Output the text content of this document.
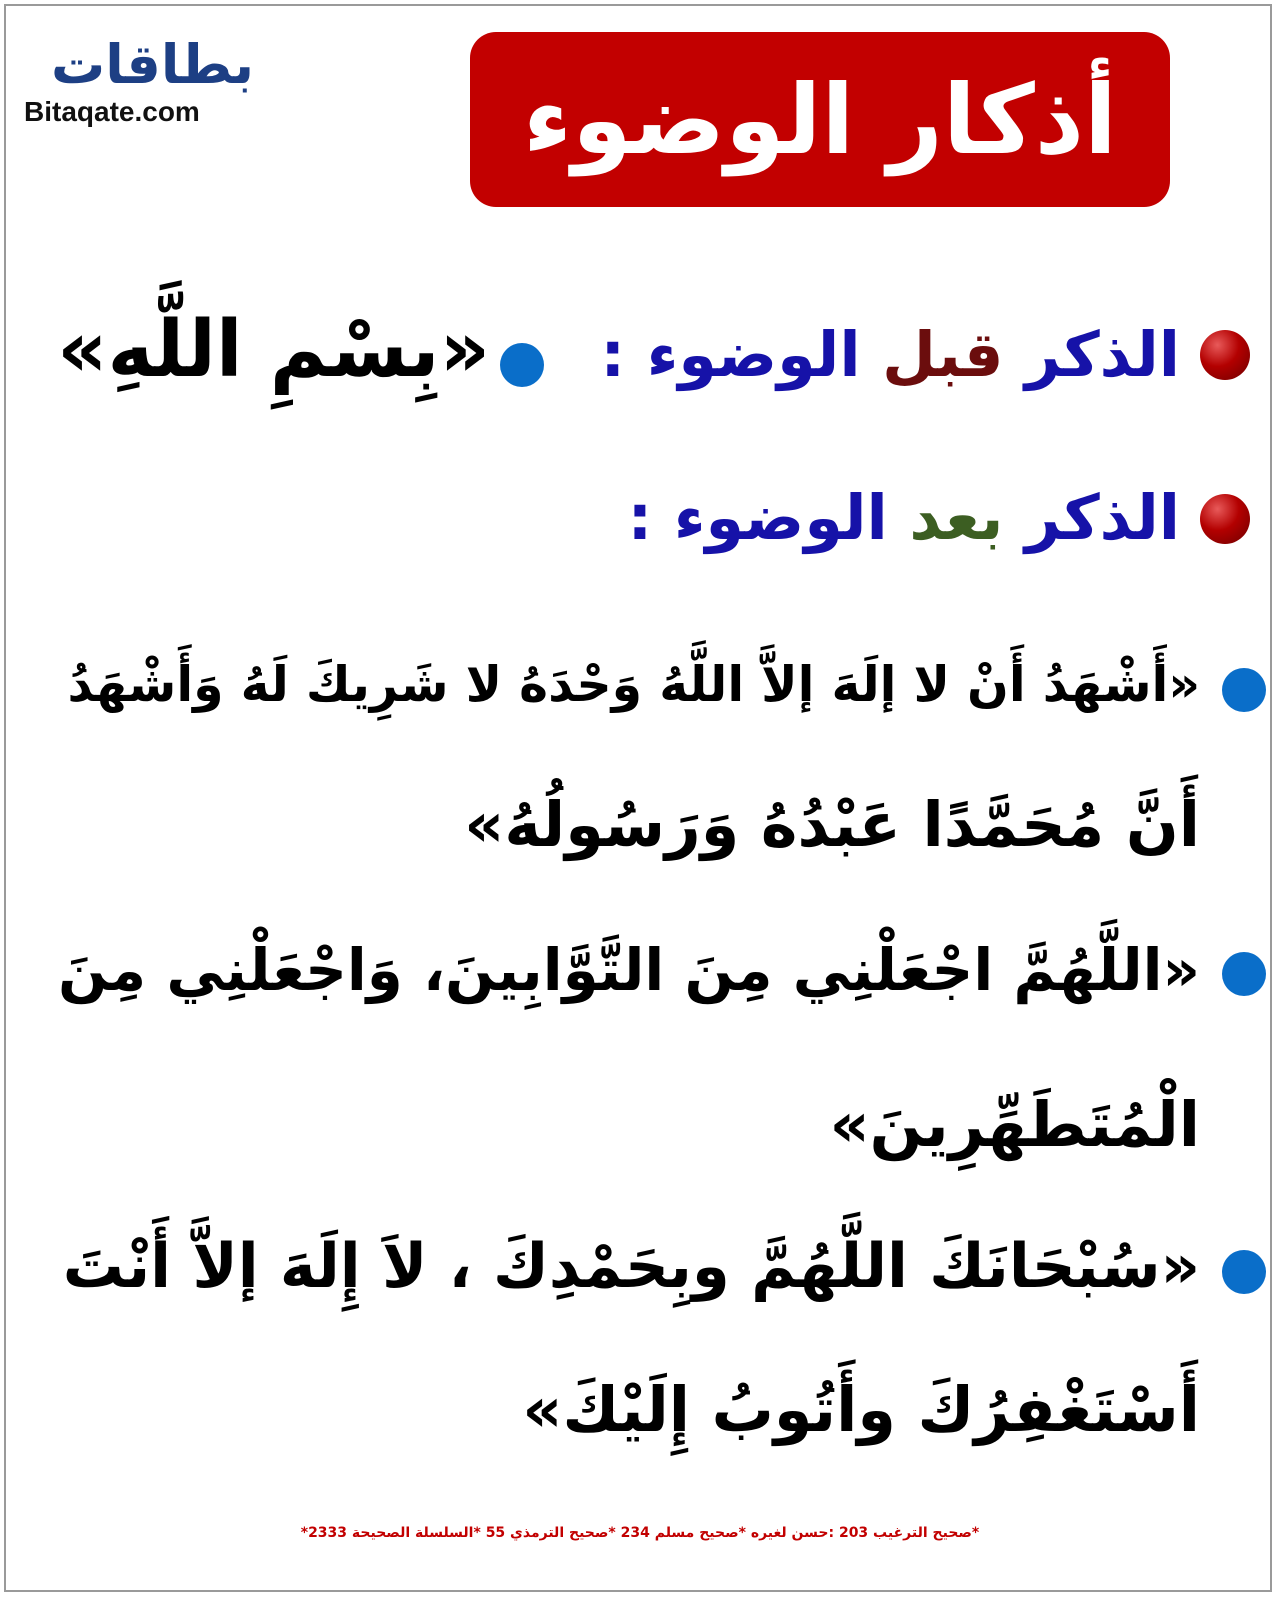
بطاقات
Bitaqate.com	أذكار الوضوء
الذكر قبل الوضوء :
«بِسْمِ اللَّهِ»
الذكر بعد الوضوء :
«أَشْهَدُ أَنْ لا إلَهَ إلاَّ اللَّهُ وَحْدَهُ لا شَرِيكَ لَهُ وَأَشْهَدُ
أَنَّ مُحَمَّدًا عَبْدُهُ وَرَسُولُهُ»
«اللَّهُمَّ اجْعَلْنِي مِنَ التَّوَّابِينَ، وَاجْعَلْنِي مِنَ
الْمُتَطَهِّرِينَ»
«سُبْحَانَكَ اللَّهُمَّ وبِحَمْدِكَ ، لاَ إِلَهَ إلاَّ أَنْتَ
أَسْتَغْفِرُكَ وأَتُوبُ إِلَيْكَ»
*صحيح الترغيب 203 :حسن لغيره *صحيح مسلم 234 *صحيح الترمذي 55 *السلسلة الصحيحة 2333*
